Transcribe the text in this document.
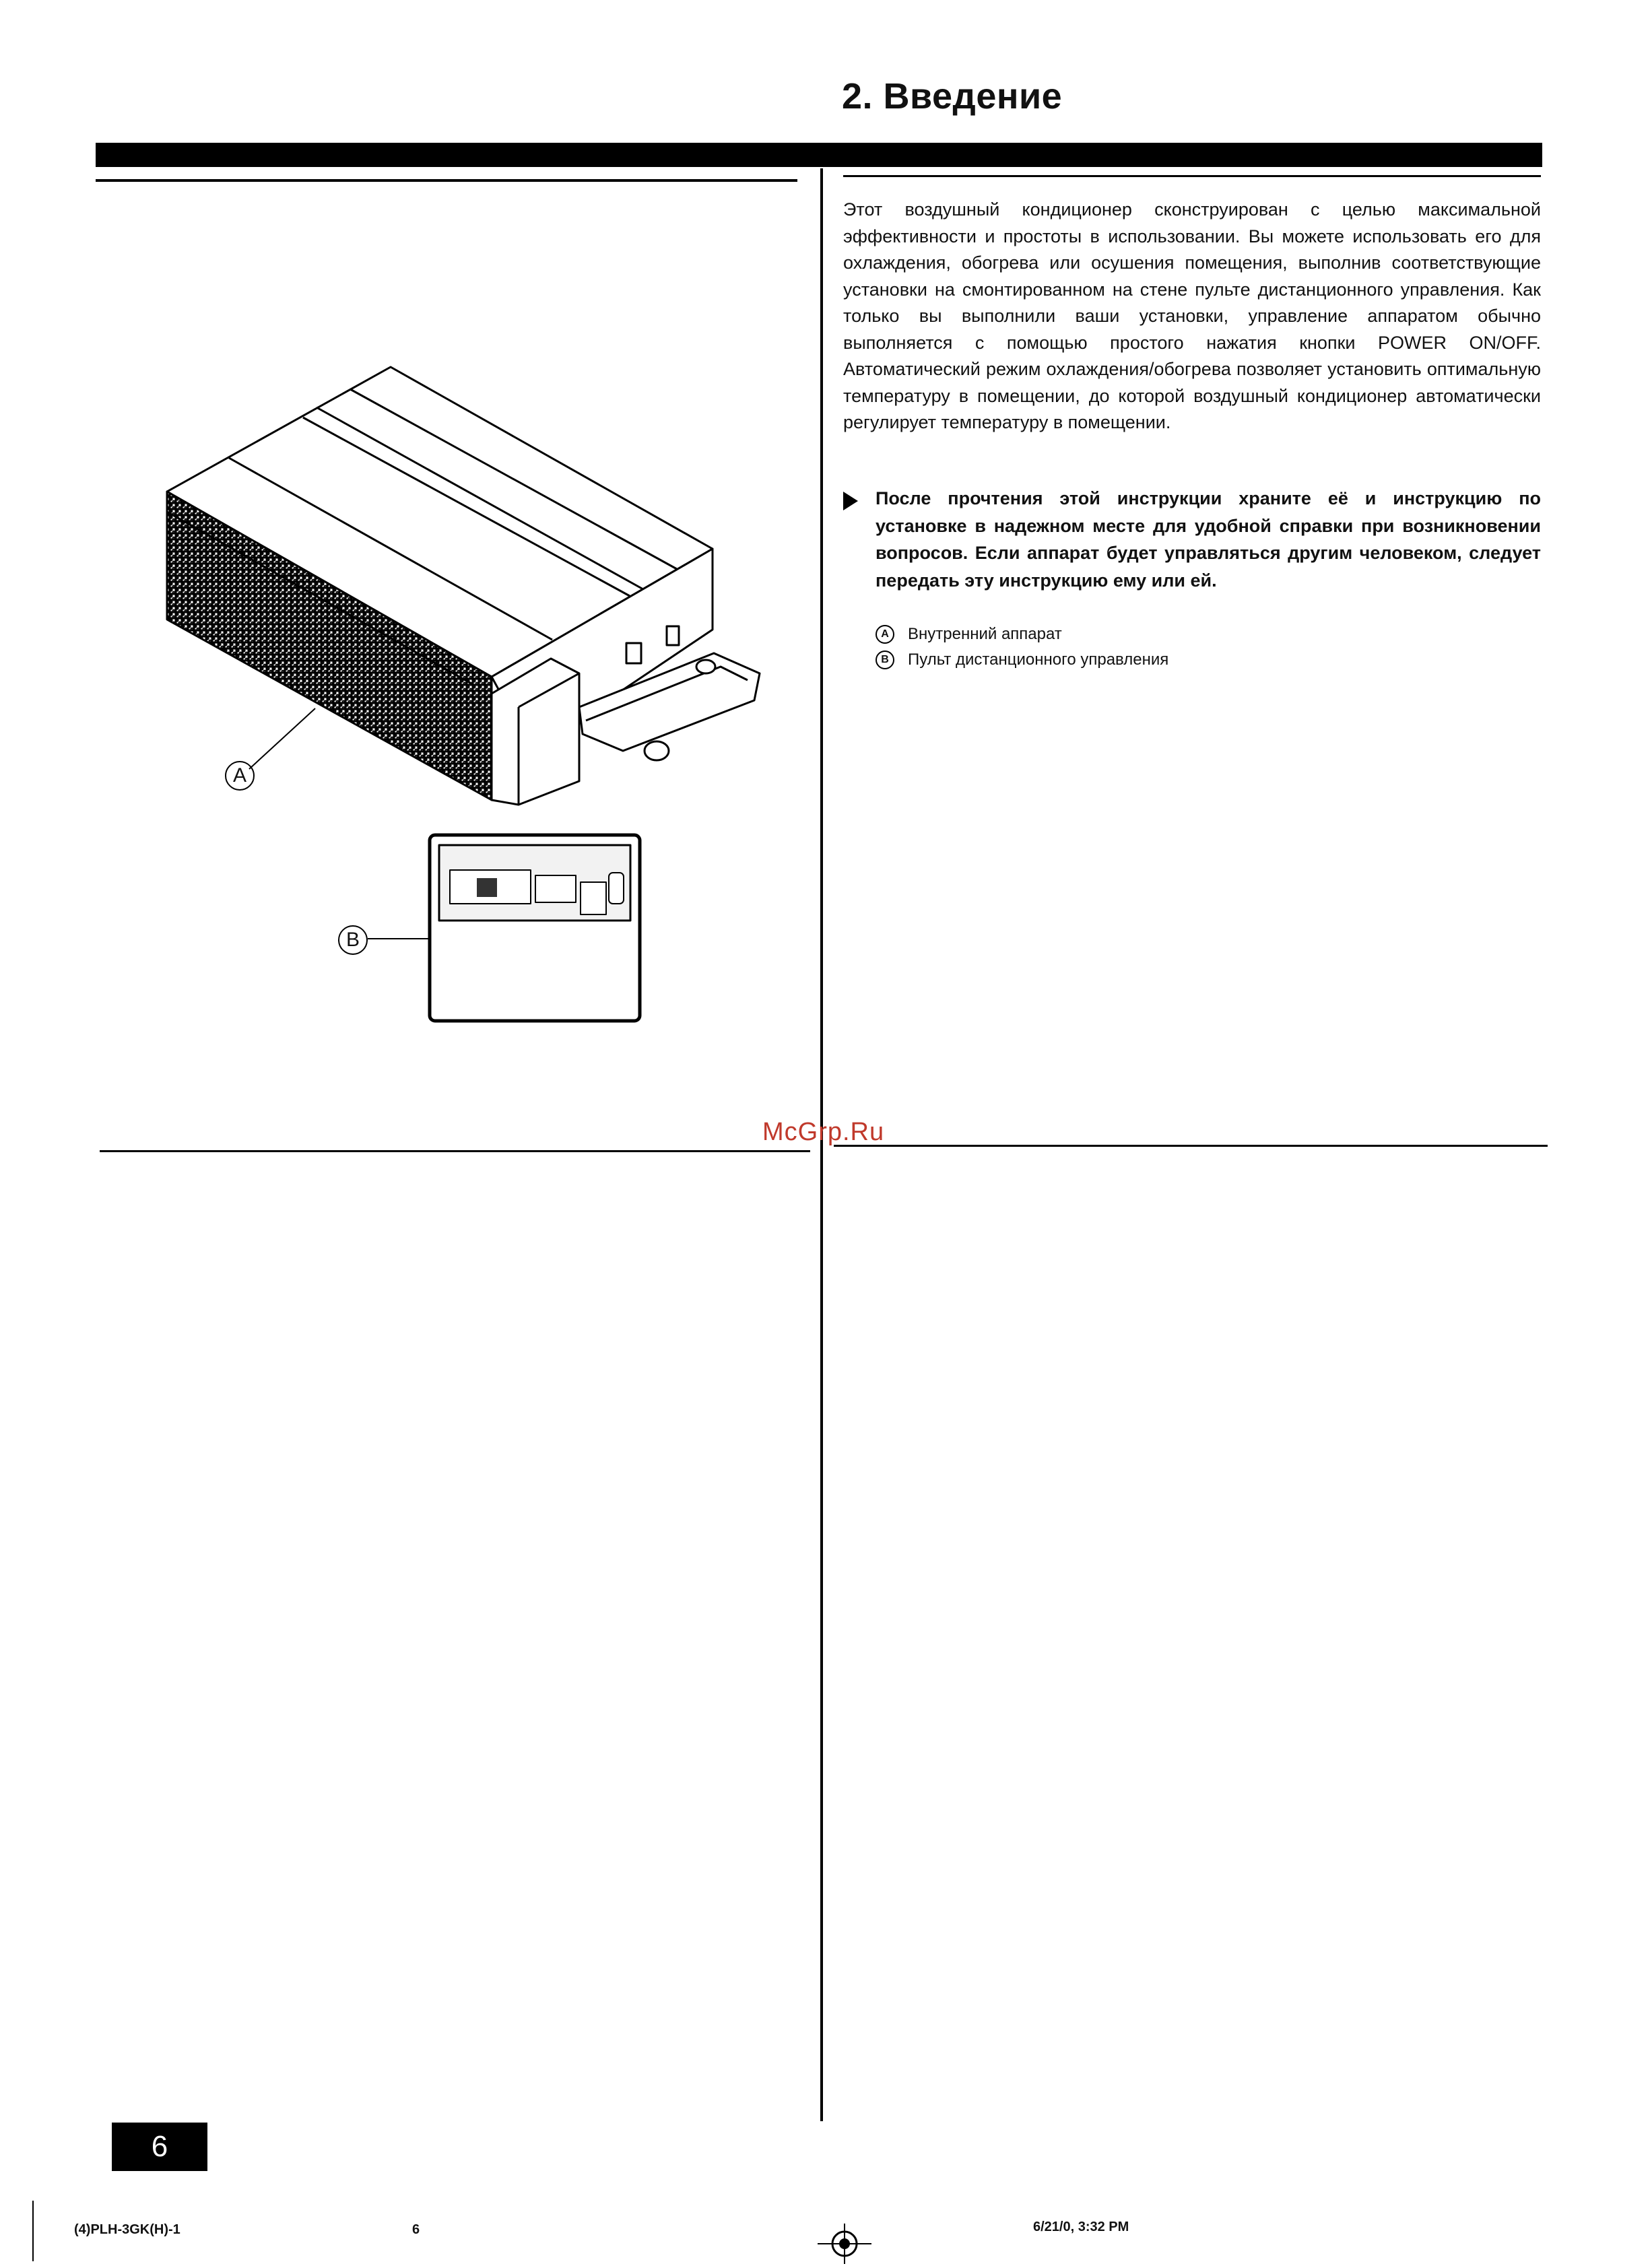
2. Введение

Этот воздушный кондиционер сконструирован с целью максимальной эффективности и простоты в использовании. Вы можете использовать его для охлаждения, обогрева или осушения помещения, выполнив соответствующие установки на смонтированном на стене пульте дистанционного управления. Как только вы выполнили ваши установки, управление аппаратом обычно выполняется с помощью простого нажатия кнопки POWER ON/OFF. Автоматический режим охлаждения/обогрева позволяет установить оптимальную температуру в помещении, до которой воздушный кондиционер автоматически регулирует температуру в помещении.

После прочтения этой инструкции храните её и инструкцию по установке в надежном месте для удобной справки при возникновении вопросов. Если аппарат будет управляться другим человеком, следует передать эту инструкцию ему или ей.

A	Внутренний аппарат
B	Пульт дистанционного управления
A
B
McGrp.Ru
6
(4)PLH-3GK(H)-1	6	6/21/0, 3:32 PM
